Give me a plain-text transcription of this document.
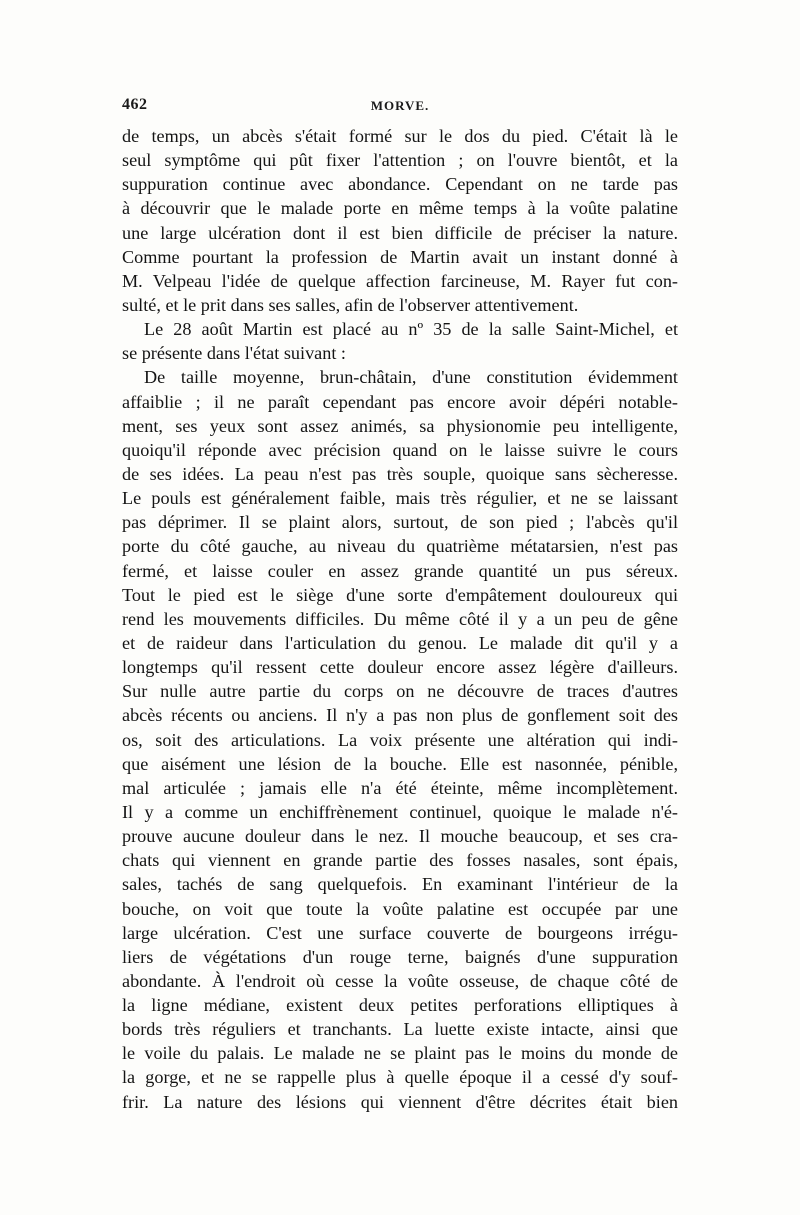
462	MORVE.
de temps, un abcès s'était formé sur le dos du pied. C'était là le
seul symptôme qui pût fixer l'attention ; on l'ouvre bientôt, et la
suppuration continue avec abondance. Cependant on ne tarde pas
à découvrir que le malade porte en même temps à la voûte palatine
une large ulcération dont il est bien difficile de préciser la nature.
Comme pourtant la profession de Martin avait un instant donné à
M. Velpeau l'idée de quelque affection farcineuse, M. Rayer fut con-
sulté, et le prit dans ses salles, afin de l'observer attentivement.
Le 28 août Martin est placé au nº 35 de la salle Saint-Michel, et
se présente dans l'état suivant :
De taille moyenne, brun-châtain, d'une constitution évidemment
affaiblie ; il ne paraît cependant pas encore avoir dépéri notable-
ment, ses yeux sont assez animés, sa physionomie peu intelligente,
quoiqu'il réponde avec précision quand on le laisse suivre le cours
de ses idées. La peau n'est pas très souple, quoique sans sècheresse.
Le pouls est généralement faible, mais très régulier, et ne se laissant
pas déprimer. Il se plaint alors, surtout, de son pied ; l'abcès qu'il
porte du côté gauche, au niveau du quatrième métatarsien, n'est pas
fermé, et laisse couler en assez grande quantité un pus séreux.
Tout le pied est le siège d'une sorte d'empâtement douloureux qui
rend les mouvements difficiles. Du même côté il y a un peu de gêne
et de raideur dans l'articulation du genou. Le malade dit qu'il y a
longtemps qu'il ressent cette douleur encore assez légère d'ailleurs.
Sur nulle autre partie du corps on ne découvre de traces d'autres
abcès récents ou anciens. Il n'y a pas non plus de gonflement soit des
os, soit des articulations. La voix présente une altération qui indi-
que aisément une lésion de la bouche. Elle est nasonnée, pénible,
mal articulée ; jamais elle n'a été éteinte, même incomplètement.
Il y a comme un enchiffrènement continuel, quoique le malade n'é-
prouve aucune douleur dans le nez. Il mouche beaucoup, et ses cra-
chats qui viennent en grande partie des fosses nasales, sont épais,
sales, tachés de sang quelquefois. En examinant l'intérieur de la
bouche, on voit que toute la voûte palatine est occupée par une
large ulcération. C'est une surface couverte de bourgeons irrégu-
liers de végétations d'un rouge terne, baignés d'une suppuration
abondante. À l'endroit où cesse la voûte osseuse, de chaque côté de
la ligne médiane, existent deux petites perforations elliptiques à
bords très réguliers et tranchants. La luette existe intacte, ainsi que
le voile du palais. Le malade ne se plaint pas le moins du monde de
la gorge, et ne se rappelle plus à quelle époque il a cessé d'y souf-
frir. La nature des lésions qui viennent d'être décrites était bien
